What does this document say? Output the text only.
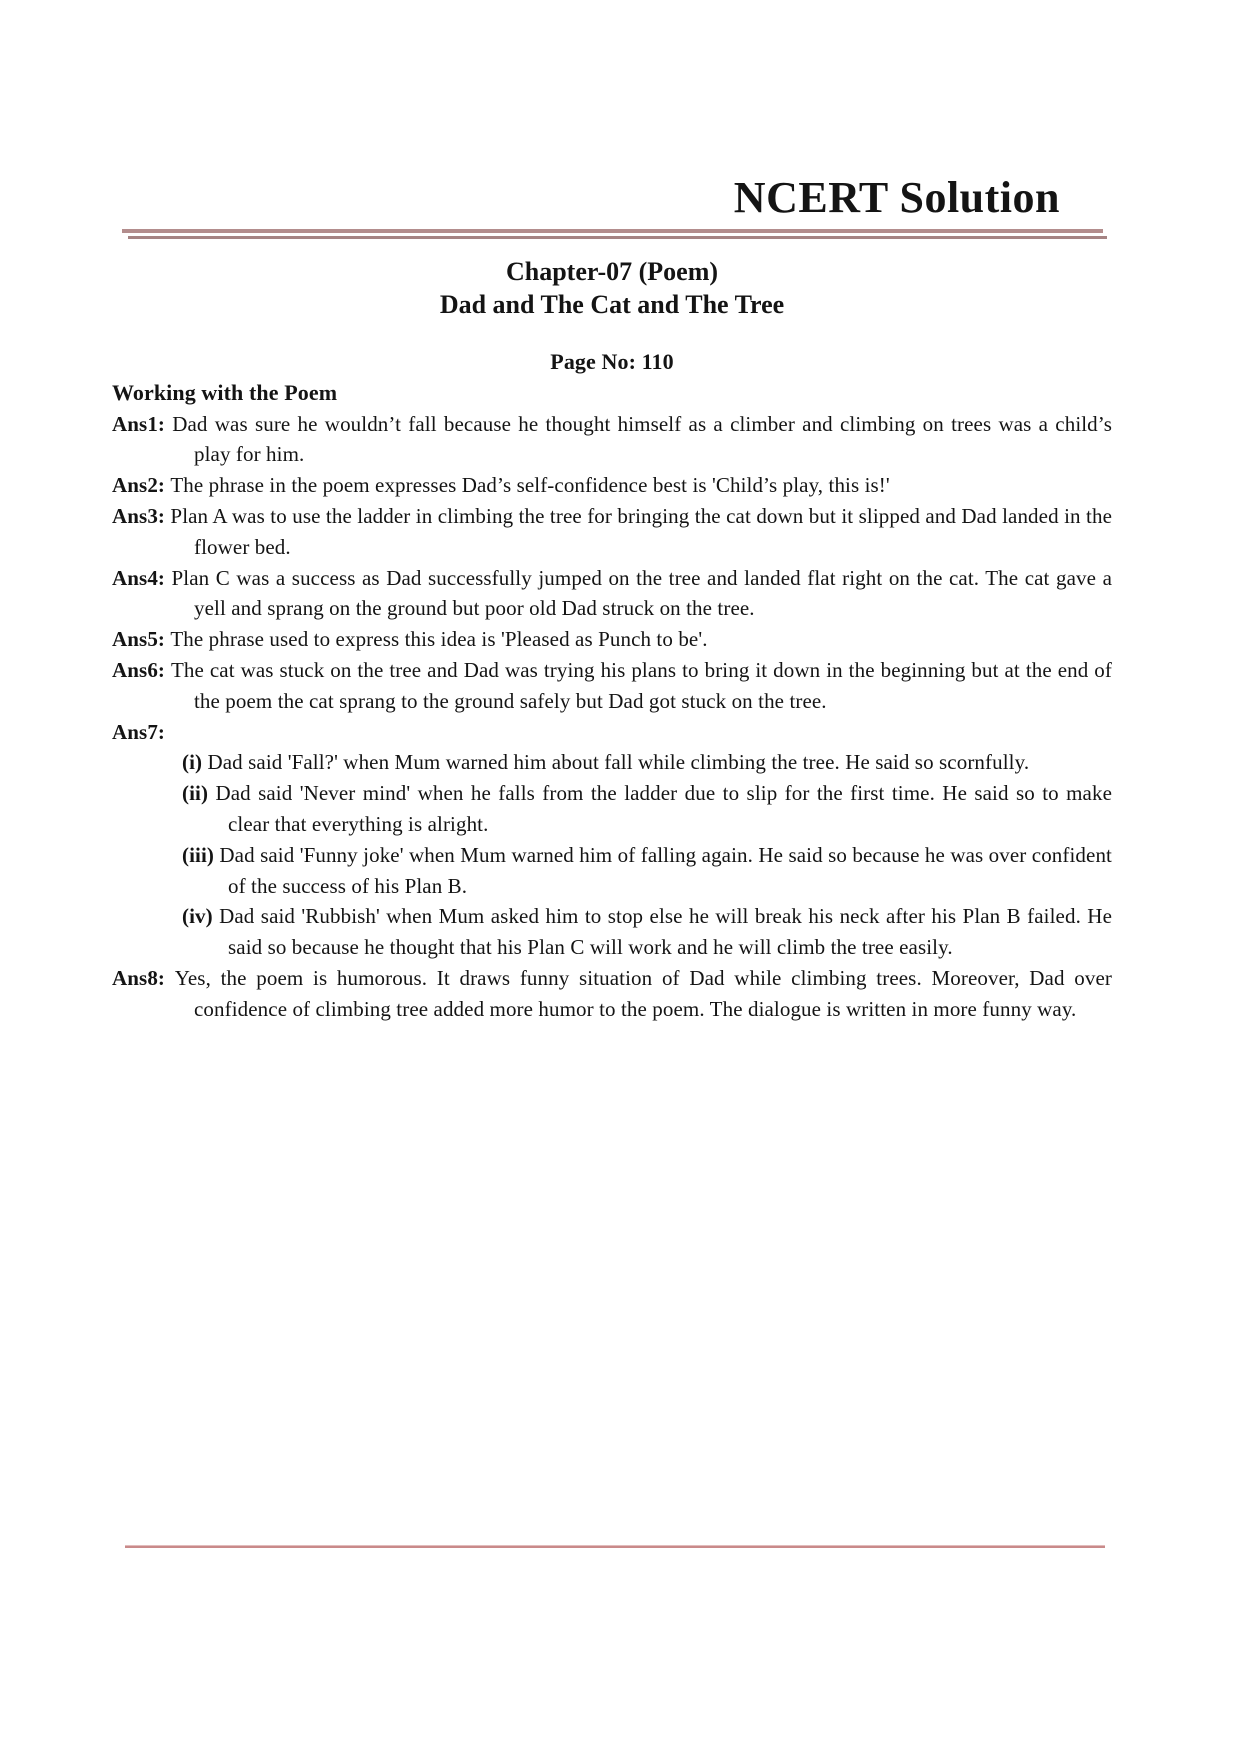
NCERT Solution
Chapter-07 (Poem)
Dad and The Cat and The Tree

Page No: 110

Working with the Poem

Ans1: Dad was sure he wouldn’t fall because he thought himself as a climber and climbing on trees was a child’s play for him.

Ans2: The phrase in the poem expresses Dad’s self-confidence best is 'Child’s play, this is!'

Ans3: Plan A was to use the ladder in climbing the tree for bringing the cat down but it slipped and Dad landed in the flower bed.

Ans4: Plan C was a success as Dad successfully jumped on the tree and landed flat right on the cat. The cat gave a yell and sprang on the ground but poor old Dad struck on the tree.

Ans5: The phrase used to express this idea is 'Pleased as Punch to be'.

Ans6: The cat was stuck on the tree and Dad was trying his plans to bring it down in the beginning but at the end of the poem the cat sprang to the ground safely but Dad got stuck on the tree.

Ans7:

(i) Dad said 'Fall?' when Mum warned him about fall while climbing the tree. He said so scornfully.

(ii) Dad said 'Never mind' when he falls from the ladder due to slip for the first time. He said so to make clear that everything is alright.

(iii) Dad said 'Funny joke' when Mum warned him of falling again. He said so because he was over confident of the success of his Plan B.

(iv) Dad said 'Rubbish' when Mum asked him to stop else he will break his neck after his Plan B failed. He said so because he thought that his Plan C will work and he will climb the tree easily.

Ans8: Yes, the poem is humorous. It draws funny situation of Dad while climbing trees. Moreover, Dad over confidence of climbing tree added more humor to the poem. The dialogue is written in more funny way.
